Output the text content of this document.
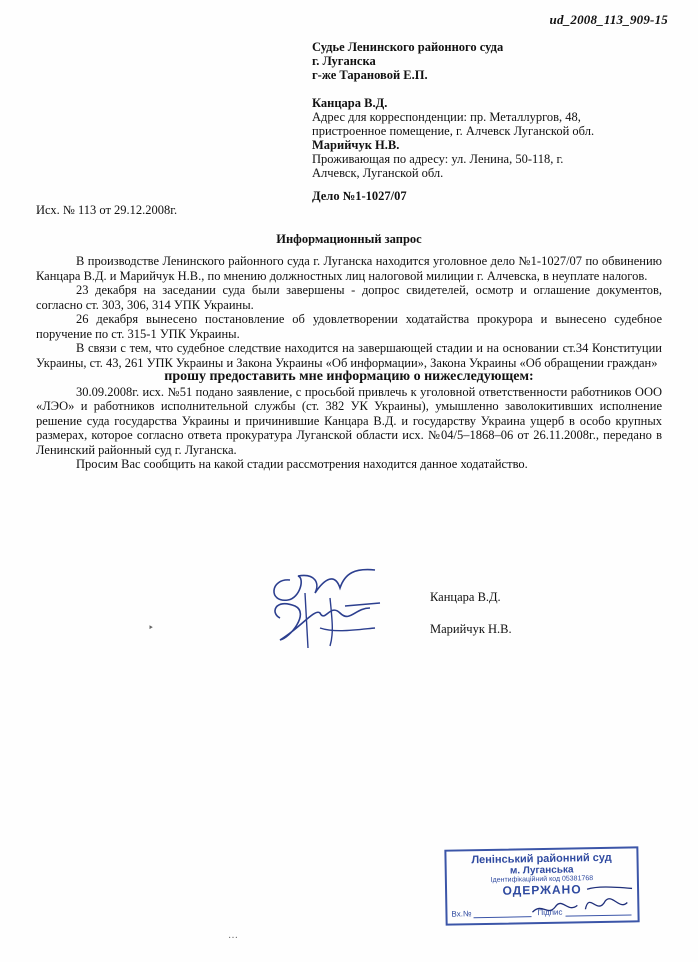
ud_2008_113_909-15
Судье Ленинского районного суда
г. Луганска
г-же Тарановой Е.П.
Канцара В.Д.
Адрес для корреспонденции: пр. Металлургов, 48,
пристроенное помещение, г. Алчевск Луганской обл.
Марийчук Н.В.
Проживающая по адресу: ул. Ленина, 50-118, г.
Алчевск, Луганской обл.
Дело №1-1027/07
Исх. № 113 от 29.12.2008г.
Информационный запрос

В производстве Ленинского районного суда г. Луганска находится уголовное дело №1-1027/07 по обвинению Канцара В.Д. и Марийчук Н.В., по мнению должностных лиц налоговой милиции г. Алчевска, в неуплате налогов.

23 декабря на заседании суда были завершены - допрос свидетелей, осмотр и оглашение документов, согласно ст. 303, 306, 314 УПК Украины.

26 декабря вынесено постановление об удовлетворении ходатайства прокурора и вынесено судебное поручение по ст. 315-1 УПК Украины.

В связи с тем, что судебное следствие находится на завершающей стадии и на основании ст.34 Конституции Украины, ст. 43, 261 УПК Украины и Закона Украины «Об информации», Закона Украины «Об обращении граждан»

прошу предоставить мне информацию о нижеследующем:

30.09.2008г. исх. №51 подано заявление, с просьбой привлечь к уголовной ответственности работников ООО «ЛЭО» и работников исполнительной службы (ст. 382 УК Украины), умышленно заволокитивших исполнение решение суда государства Украины и причинившие Канцара В.Д. и государству Украина ущерб в особо крупных размерах, которое согласно ответа прокуратура Луганской области исх. №04/5–1868–06 от 26.11.2008г., передано в Ленинский районный суд г. Луганска.

Просим Вас сообщить на какой стадии рассмотрения находится данное ходатайство.

Канцара В.Д.
Марийчук Н.В.
‣
…
Ленінський районний суд
м. Луганська
Ідентифікаційний код 05381768
ОДЕРЖАНО
Вх.№	Підпис
